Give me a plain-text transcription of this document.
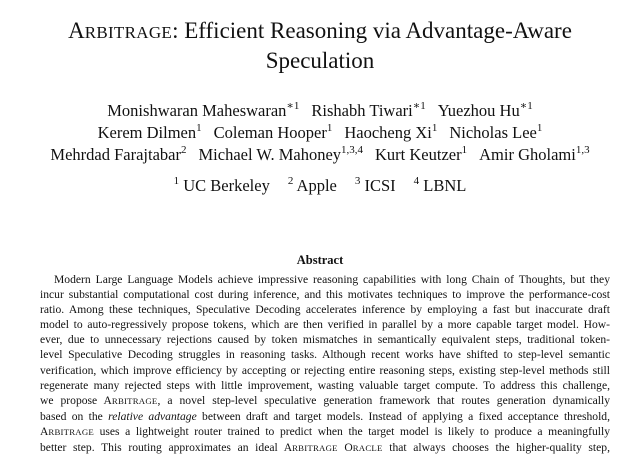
ARBITRAGE: Efficient Reasoning via Advantage-Aware
Speculation
Monishwaran Maheswaran$^{∗1}$ Rishabh Tiwari$^{∗1}$ Yuezhou $Hu^{∗1}$
Kerem Dilmen$^1$ Coleman Hooper$^1$ Haocheng Xi$^1$ Nicholas Lee$^1$
Mehrdad Farajtabar$^2$ Michael W. Mahoney$^{1,3,4}$ Kurt Keutzer$^1$ Amir Gholami$^{1,3}$
$^1$ UC Berkeley $^2$ Apple $^3$ ICSI $^4$ LBNL
Abstract
Modern Large Language Models achieve impressive reasoning capabilities with long Chain of Thoughts, but they
incur substantial computational cost during inference, and this motivates techniques to improve the performance-cost
ratio. Among these techniques, Speculative Decoding accelerates inference by employing a fast but inaccurate draft
model to auto-regressively propose tokens, which are then verified in parallel by a more capable target model. How-
ever, due to unnecessary rejections caused by token mismatches in semantically equivalent steps, traditional token-
level Speculative Decoding struggles in reasoning tasks. Although recent works have shifted to step-level semantic
verification, which improve efficiency by accepting or rejecting entire reasoning steps, existing step-level methods still
regenerate many rejected steps with little improvement, wasting valuable target compute. To address this challenge,
we propose ARBITRAGE, a novel step-level speculative generation framework that routes generation dynamically
based on the relative advantage between draft and target models. Instead of applying a fixed acceptance threshold,
ARBITRAGE uses a lightweight router trained to predict when the target model is likely to produce a meaningfully
better step. This routing approximates an ideal ARBITRAGE ORACLE that always chooses the higher-quality step,
